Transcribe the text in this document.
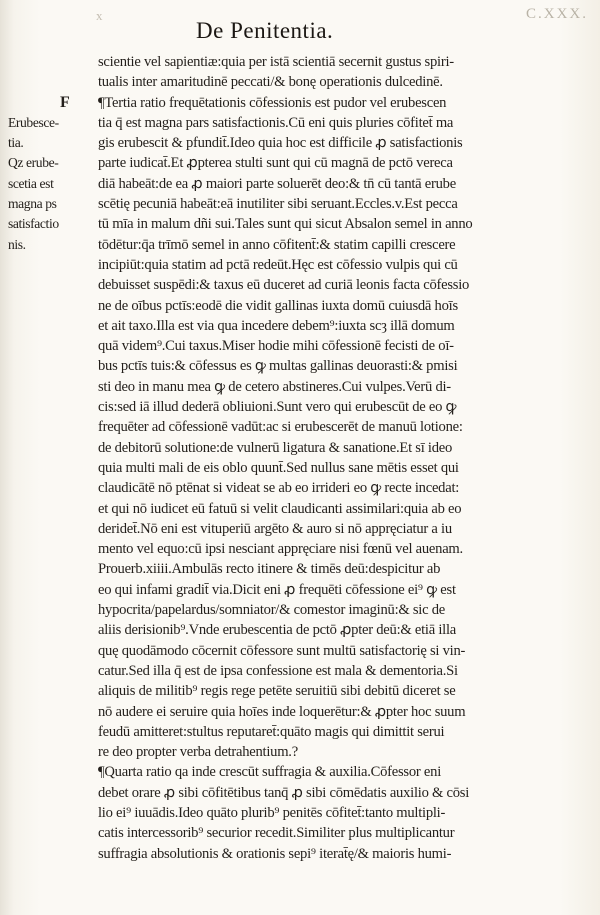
x	C.XXX.
De Penitentia.
F
Erubesce-
tia.
Qz erube-
scetia est
magna ps
satisfactio
nis.
scientie vel sapientiæ:quia per istā scientiā secernit gustus spiri-
tualis inter amaritudinē peccati/& bonę operationis dulcedinē.
¶Tertia ratio frequētationis cōfessionis est pudor vel erubescen
tia q̄ est magna pars satisfactionis.Cū eni quis pluries cōfitet̄ ma
gis erubescit & pfundit̄.Ideo quia hoc est difficile ꝓ satisfactionis
parte iudicat̄.Et ꝓpterea stulti sunt qui cū magnā de pctō vereca
diā habeāt:de ea ꝓ maiori parte soluerēt deo:& tn̄ cū tantā erube
scētię pecuniā habeāt:eā inutiliter sibi seruant.Eccles.v.Est pecca
tū mīa in malum dñi sui.Tales sunt qui sicut Absalon semel in anno
tōdētur:q̄a trīmō semel in anno cōfitent̄:& statim capilli crescere
incipiūt:quia statim ad pctā redeūt.Hęc est cōfessio vulpis qui cū
debuisset suspēdi:& taxus eū duceret ad curiā leonis facta cōfessio
ne de oībus pctīs:eodē die vidit gallinas iuxta domū cuiusdā hoīs
et ait taxo.Illa est via qua incedere debem⁹:iuxta scȝ illā domum
quā videm⁹.Cui taxus.Miser hodie mihi cōfessionē fecisti de oī-
bus pctīs tuis:& cōfessus es ꝙ multas gallinas deuorasti:& pmisi
sti deo in manu mea ꝙ de cetero abstineres.Cui vulpes.Verū di-
cis:sed iā illud dederā obliuioni.Sunt vero qui erubescūt de eo ꝙ
frequēter ad cōfessionē vadūt:ac si erubescerēt de manuū lotione:
de debitorū solutione:de vulnerū ligatura & sanatione.Et sī ideo
quia multi mali de eis oblo quunt̄.Sed nullus sane mētis esset qui
claudicātē nō ptēnat si videat se ab eo irrideri eo ꝙ recte incedat:
et qui nō iudicet eū fatuū si velit claudicanti assimilari:quia ab eo
deridet̄.Nō eni est vituperiū argēto & auro si nō appręciatur a iu
mento vel equo:cū ipsi nesciant appręciare nisi fœnū vel auenam.
Prouerb.xiiii.Ambulās recto itinere & timēs deū:despicitur ab
eo qui infami gradit̄ via.Dicit eni ꝓ frequēti cōfessione ei⁹ ꝙ est
hypocrita/papelardus/somniator/& comestor imaginū:& sic de
aliis derisionib⁹.Vnde erubescentia de pctō ꝓpter deū:& etiā illa
quę quodāmodo cōcernit cōfessore sunt multū satisfactorię si vin-
catur.Sed illa q̄ est de ipsa confessione est mala & dementoria.Si
aliquis de militib⁹ regis rege petēte seruitiū sibi debitū diceret se
nō audere ei seruire quia hoīes inde loquerētur:& ꝓpter hoc suum
feudū amitteret:stultus reputaret̄:quāto magis qui dimittit serui
re deo propter verba detrahentium.?
¶Quarta ratio qa inde crescūt suffragia & auxilia.Cōfessor eni
debet orare ꝓ sibi cōfitētibus tanq̄ ꝓ sibi cōmēdatis auxilio & cōsi
lio ei⁹ iuuādis.Ideo quāto plurib⁹ penitēs cōfitet̄:tanto multipli-
catis intercessorib⁹ securior recedit.Similiter plus multiplicantur
suffragia absolutionis & orationis sepi⁹ iterat̄ę/& maioris humi-
